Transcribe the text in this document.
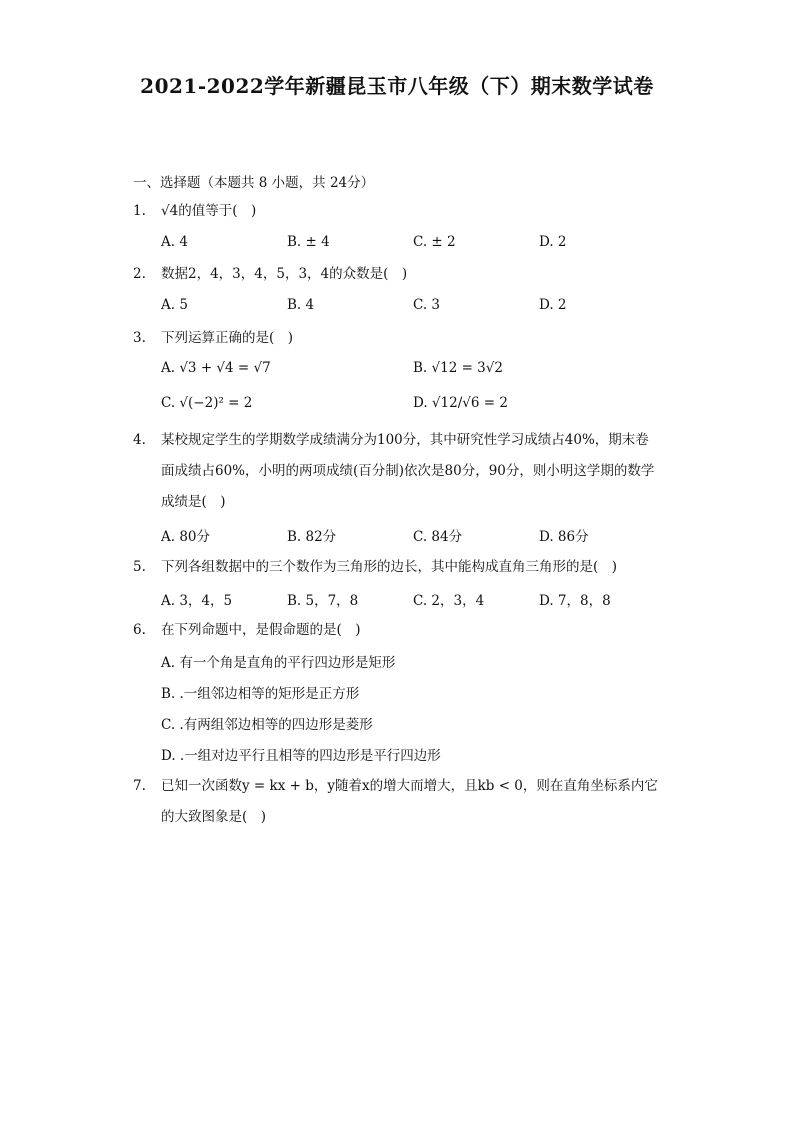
2021-2022学年新疆昆玉市八年级（下）期末数学试卷
一、选择题（本题共 8 小题，共 24分）
1.	√4的值等于( )
A. 4	B. ± 4	C. ± 2	D. 2
2.	数据2，4，3，4，5，3，4的众数是( )
A. 5	B. 4	C. 3	D. 2
3.	下列运算正确的是( )
A. √3 + √4 = √7	B. √12 = 3√2
C. √(−2)² = 2	D. √12/√6 = 2
4.	某校规定学生的学期数学成绩满分为100分，其中研究性学习成绩占40%，期末卷
面成绩占60%，小明的两项成绩(百分制)依次是80分，90分，则小明这学期的数学
成绩是( )
A. 80分	B. 82分	C. 84分	D. 86分
5.	下列各组数据中的三个数作为三角形的边长，其中能构成直角三角形的是( )
A. 3，4，5	B. 5，7，8	C. 2，3，4	D. 7，8，8
6.	在下列命题中，是假命题的是( )
A. 有一个角是直角的平行四边形是矩形
B. .一组邻边相等的矩形是正方形
C. .有两组邻边相等的四边形是菱形
D. .一组对边平行且相等的四边形是平行四边形
7.	已知一次函数y = kx + b，y随着x的增大而增大，且kb < 0，则在直角坐标系内它
的大致图象是( )
